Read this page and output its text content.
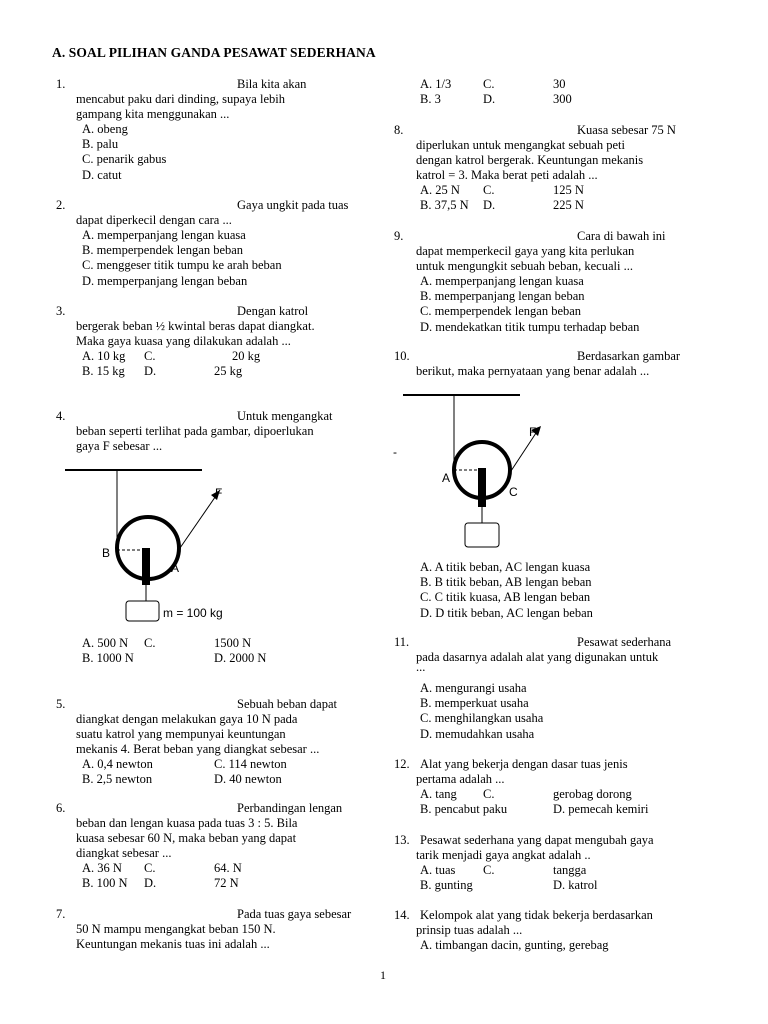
A. SOAL PILIHAN GANDA PESAWAT SEDERHANA
1.	Bila kita akan
mencabut paku dari dinding, supaya lebih
gampang kita menggunakan ...
A. obeng
B. palu
C. penarik gabus
D. catut
2.	Gaya ungkit pada tuas
dapat diperkecil dengan cara ...
A. memperpanjang lengan kuasa
B. memperpendek lengan beban
C. menggeser titik tumpu ke arah beban
D. memperpanjang lengan beban
3.	Dengan katrol
bergerak beban ½ kwintal beras dapat diangkat.
Maka gaya kuasa yang dilakukan adalah ...
A. 10 kg C.	20 kg
B. 15 kg D.	25 kg
4.	Untuk mengangkat
beban seperti terlihat pada gambar, dipoerlukan
gaya F sebesar ...
A. 500 N C.	1500 N
B. 1000 N	D. 2000 N
B
A
F
m = 100 kg
5.	Sebuah beban dapat
diangkat dengan melakukan gaya 10 N pada
suatu katrol yang mempunyai keuntungan
mekanis 4. Berat beban yang diangkat sebesar ...
A. 0,4 newton	C. 114 newton
B. 2,5 newton	D. 40 newton
6.	Perbandingan lengan
beban dan lengan kuasa pada tuas 3 : 5. Bila
kuasa sebesar 60 N, maka beban yang dapat
diangkat sebesar ...
A. 36 N C.	64. N
B. 100 N D.	72 N
7.	Pada tuas gaya sebesar
50 N mampu mengangkat beban 150 N.
Keuntungan mekanis tuas ini adalah ...
A. 1/3	C.	30
B. 3	D.	300
8.	Kuasa sebesar 75 N
diperlukan untuk mengangkat sebuah peti
dengan katrol bergerak. Keuntungan mekanis
katrol = 3. Maka berat peti adalah ...
A. 25 N C.	125 N
B. 37,5 N D.	225 N
9.	Cara di bawah ini
dapat memperkecil gaya yang kita perlukan
untuk mengungkit sebuah beban, kecuali ...
A. memperpanjang lengan kuasa
B. memperpanjang lengan beban
C. memperpendek lengan beban
D. mendekatkan titik tumpu terhadap beban
10.	Berdasarkan gambar
berikut, maka pernyataan yang benar adalah ...
-
A
C
F
A. A titik beban, AC lengan kuasa
B. B titik beban, AB lengan beban
C. C titik kuasa, AB lengan beban
D. D titik beban, AC lengan beban
11.	Pesawat sederhana
pada dasarnya adalah alat yang digunakan untuk
...
A. mengurangi usaha
B. memperkuat usaha
C. menghilangkan usaha
D. memudahkan usaha
12. Alat yang bekerja dengan dasar tuas jenis
pertama adalah ...
A. tang C.	gerobag dorong
B. pencabut paku	D. pemecah kemiri
13. Pesawat sederhana yang dapat mengubah gaya
tarik menjadi gaya angkat adalah ..
A. tuas C.	tangga
B. gunting	D. katrol
14. Kelompok alat yang tidak bekerja berdasarkan
prinsip tuas adalah ...
A. timbangan dacin, gunting, gerebag
1
